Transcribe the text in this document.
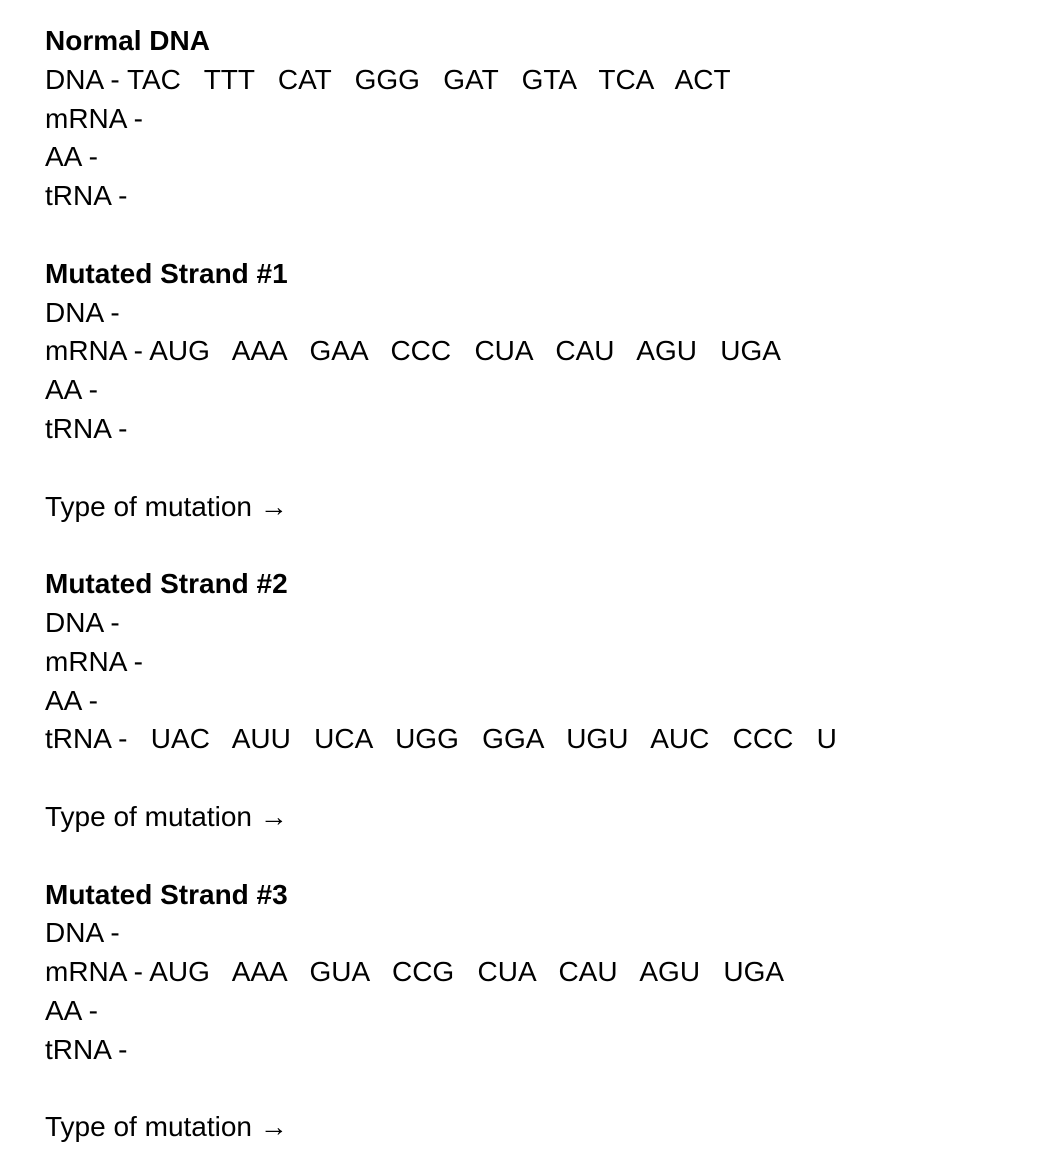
Normal DNA
DNA - TAC   TTT   CAT   GGG   GAT   GTA   TCA   ACT
mRNA -
AA -
tRNA -
Mutated Strand #1
DNA -
mRNA - AUG   AAA   GAA   CCC   CUA   CAU   AGU   UGA
AA -
tRNA -
Type of mutation →
Mutated Strand #2
DNA -
mRNA -
AA -
tRNA -   UAC   AUU   UCA   UGG   GGA   UGU   AUC   CCC   U
Type of mutation →
Mutated Strand #3
DNA -
mRNA - AUG   AAA   GUA   CCG   CUA   CAU   AGU   UGA
AA -
tRNA -
Type of mutation →
